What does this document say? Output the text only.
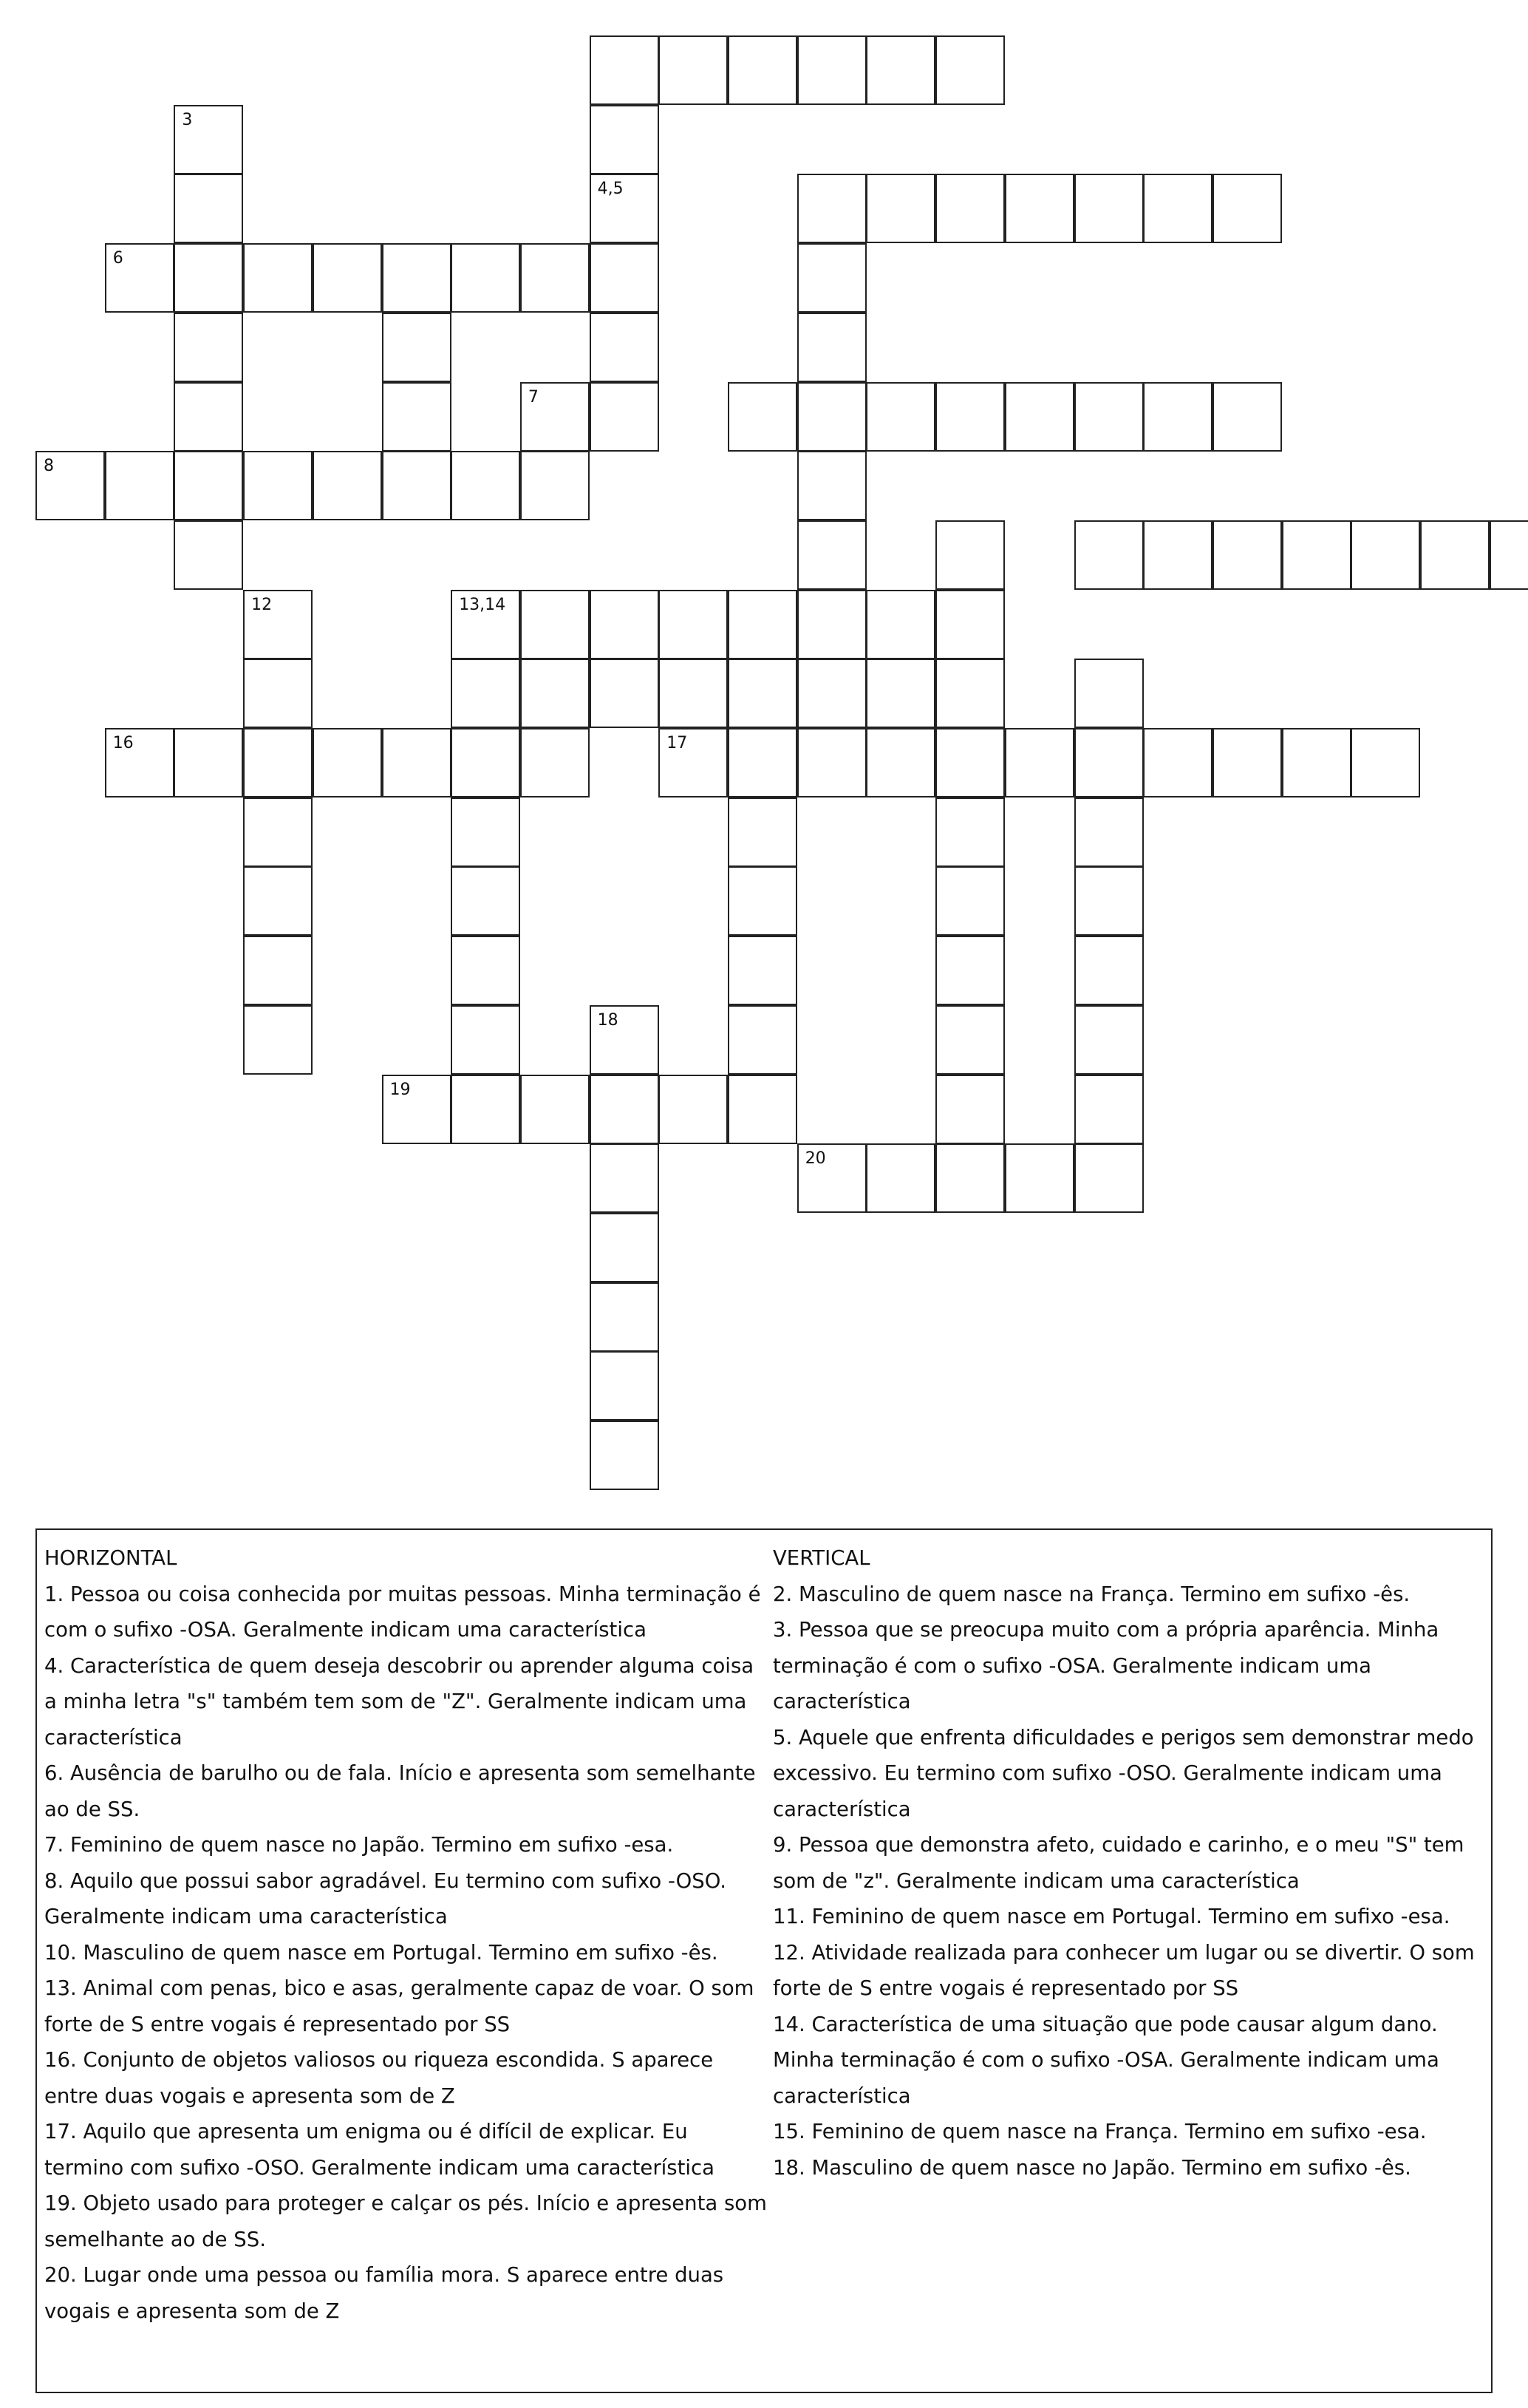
3
4,5
6
7
8
12	13,14
16	17
18
19
20

HORIZONTAL

1. Pessoa ou coisa conhecida por muitas pessoas. Minha terminação é com o sufixo -OSA. Geralmente indicam uma característica

4. Característica de quem deseja descobrir ou aprender alguma coisa a minha letra "s" também tem som de "Z". Geralmente indicam uma característica

6. Ausência de barulho ou de fala. Início e apresenta som semelhante ao de SS.

7. Feminino de quem nasce no Japão. Termino em sufixo -esa.

8. Aquilo que possui sabor agradável. Eu termino com sufixo -OSO. Geralmente indicam uma característica

10. Masculino de quem nasce em Portugal. Termino em sufixo -ês.

13. Animal com penas, bico e asas, geralmente capaz de voar. O som forte de S entre vogais é representado por SS

16. Conjunto de objetos valiosos ou riqueza escondida. S aparece entre duas vogais e apresenta som de Z

17. Aquilo que apresenta um enigma ou é difícil de explicar. Eu termino com sufixo -OSO. Geralmente indicam uma característica

19. Objeto usado para proteger e calçar os pés. Início e apresenta som semelhante ao de SS.

20. Lugar onde uma pessoa ou família mora. S aparece entre duas vogais e apresenta som de Z

VERTICAL

2. Masculino de quem nasce na França. Termino em sufixo -ês.

3. Pessoa que se preocupa muito com a própria aparência. Minha terminação é com o sufixo -OSA. Geralmente indicam uma característica

5. Aquele que enfrenta dificuldades e perigos sem demonstrar medo excessivo. Eu termino com sufixo -OSO. Geralmente indicam uma característica

9. Pessoa que demonstra afeto, cuidado e carinho, e o meu "S" tem som de "z". Geralmente indicam uma característica

11. Feminino de quem nasce em Portugal. Termino em sufixo -esa.

12. Atividade realizada para conhecer um lugar ou se divertir. O som forte de S entre vogais é representado por SS

14. Característica de uma situação que pode causar algum dano. Minha terminação é com o sufixo -OSA. Geralmente indicam uma característica

15. Feminino de quem nasce na França. Termino em sufixo -esa.

18. Masculino de quem nasce no Japão. Termino em sufixo -ês.
